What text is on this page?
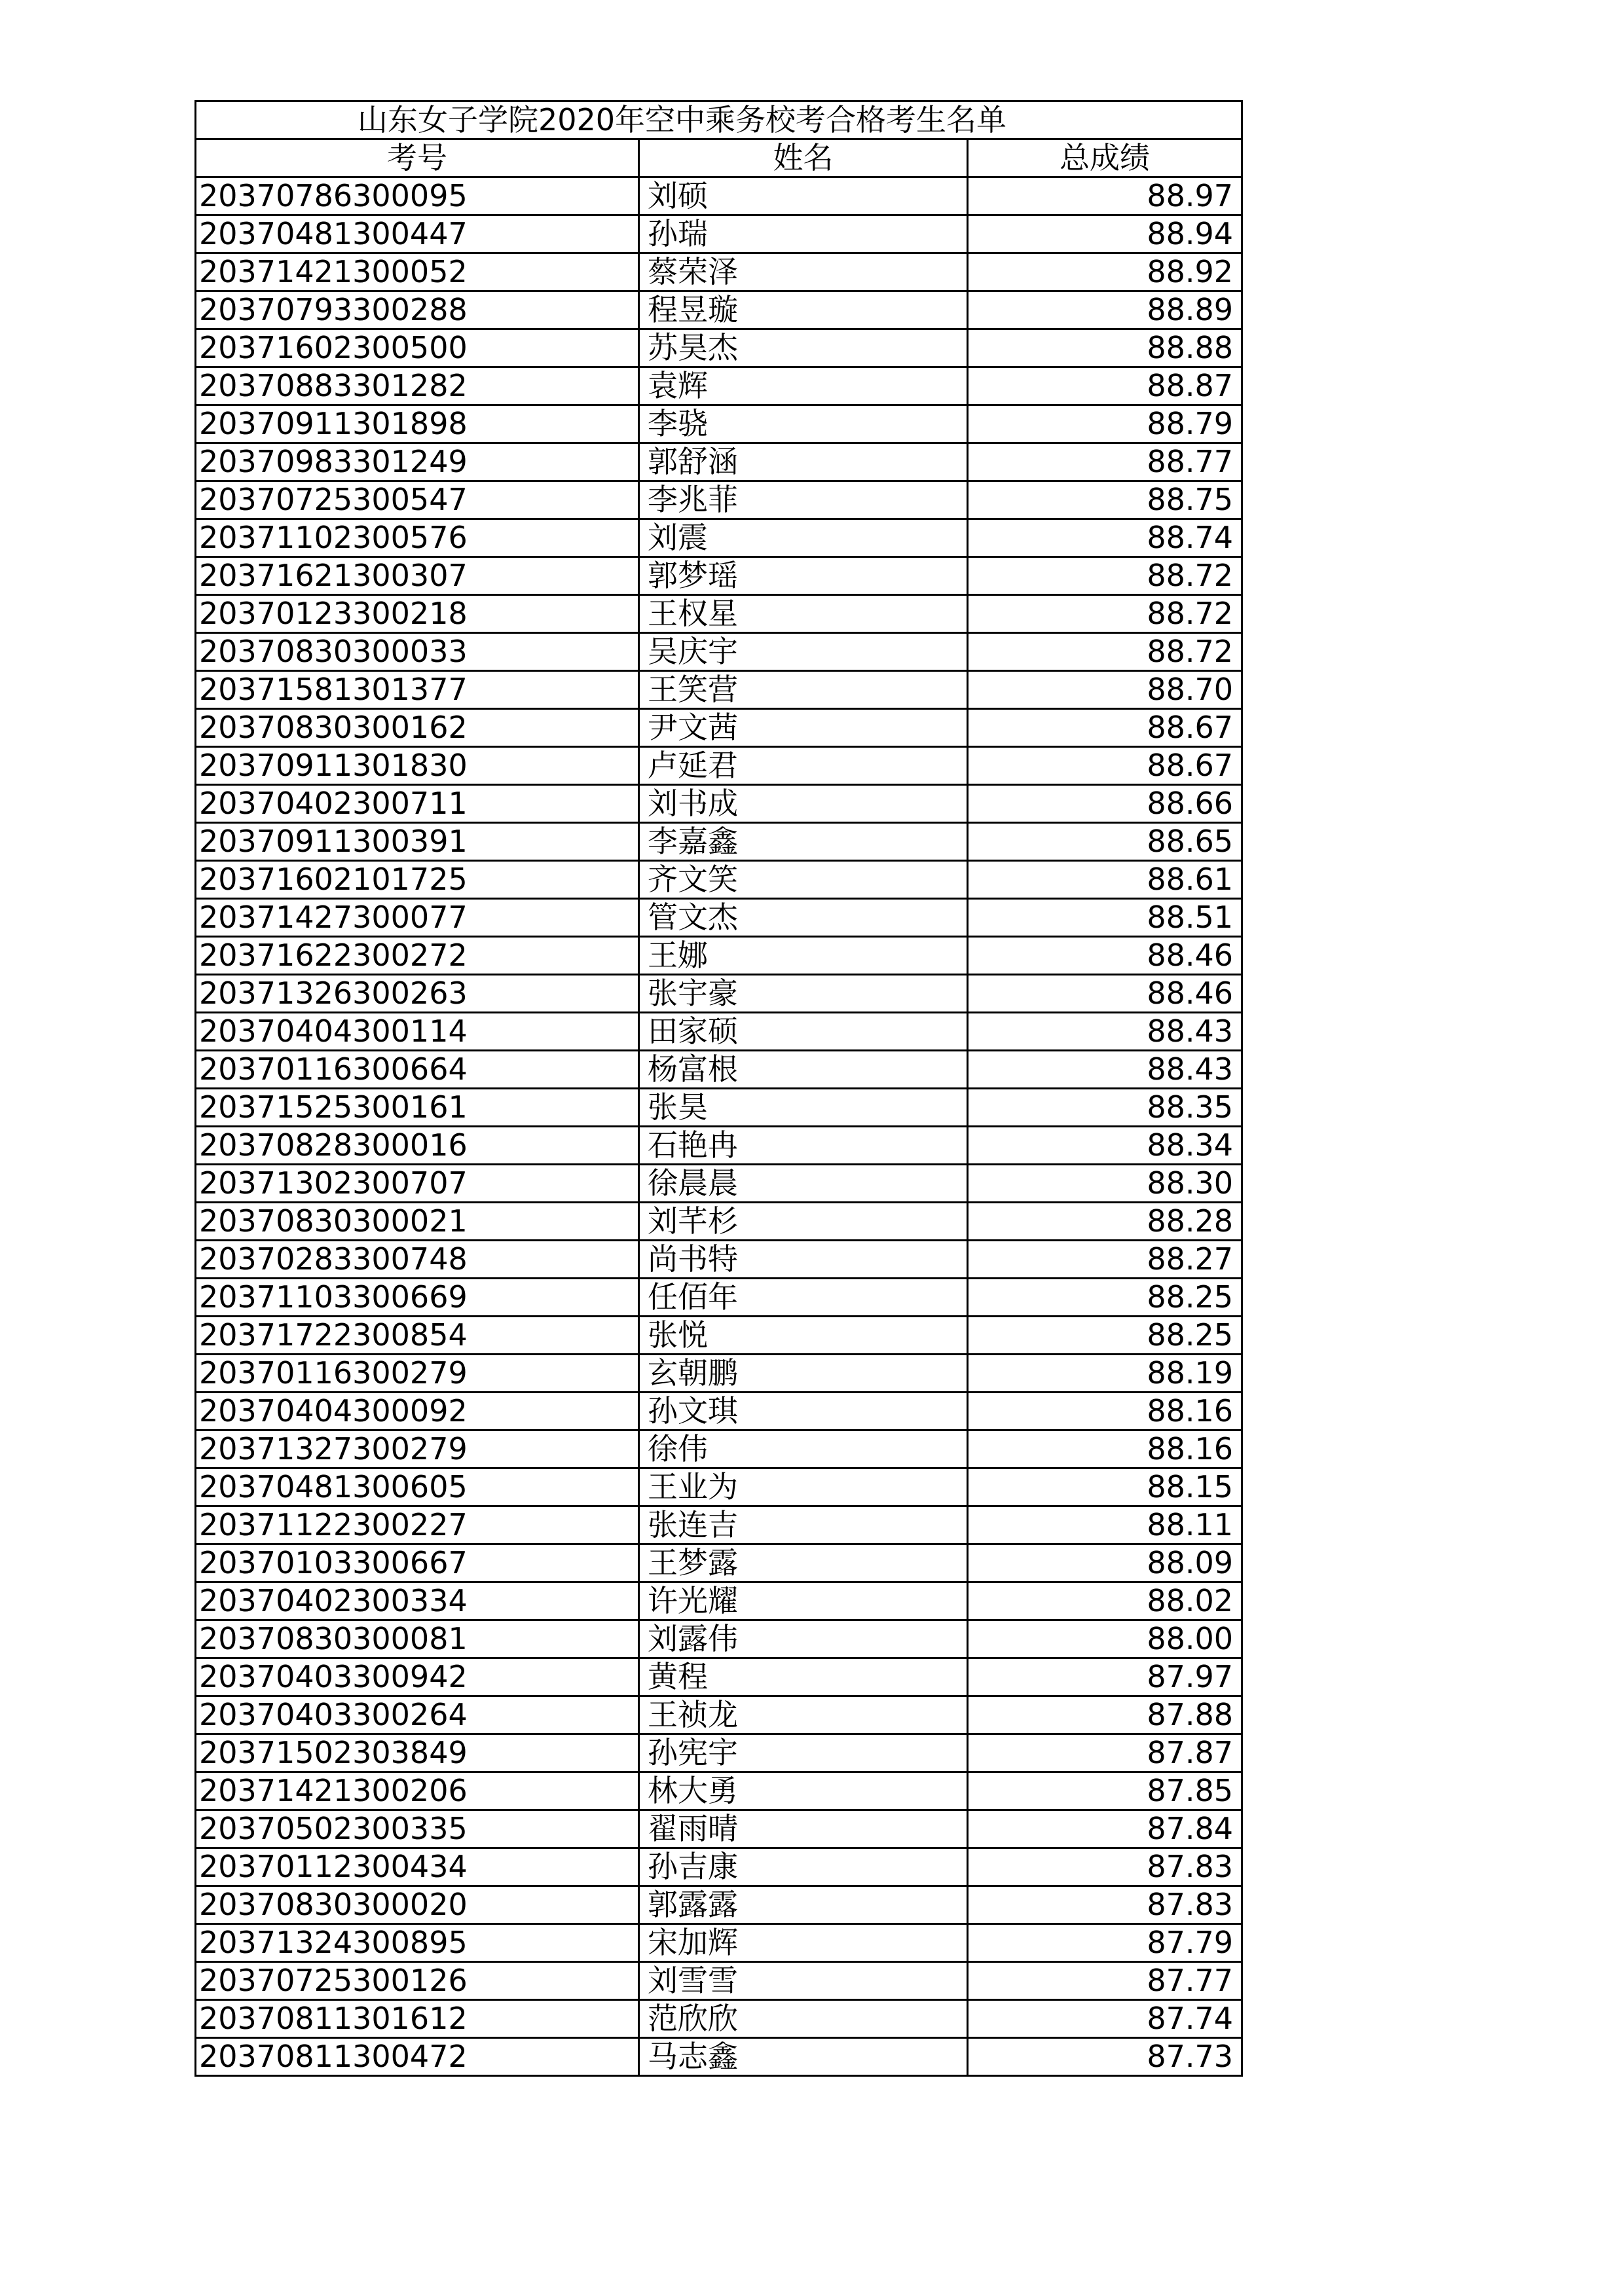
山东女子学院2020年空中乘务校考合格考生名单		
考号	姓名	总成绩
20370786300095	刘硕	88.97
20370481300447	孙瑞	88.94
20371421300052	蔡荣泽	88.92
20370793300288	程昱璇	88.89
20371602300500	苏昊杰	88.88
20370883301282	袁辉	88.87
20370911301898	李骁	88.79
20370983301249	郭舒涵	88.77
20370725300547	李兆菲	88.75
20371102300576	刘震	88.74
20371621300307	郭梦瑶	88.72
20370123300218	王权星	88.72
20370830300033	吴庆宇	88.72
20371581301377	王笑营	88.70
20370830300162	尹文茜	88.67
20370911301830	卢延君	88.67
20370402300711	刘书成	88.66
20370911300391	李嘉鑫	88.65
20371602101725	齐文笑	88.61
20371427300077	管文杰	88.51
20371622300272	王娜	88.46
20371326300263	张宇豪	88.46
20370404300114	田家硕	88.43
20370116300664	杨富根	88.43
20371525300161	张昊	88.35
20370828300016	石艳冉	88.34
20371302300707	徐晨晨	88.30
20370830300021	刘芊杉	88.28
20370283300748	尚书特	88.27
20371103300669	任佰年	88.25
20371722300854	张悦	88.25
20370116300279	玄朝鹏	88.19
20370404300092	孙文琪	88.16
20371327300279	徐伟	88.16
20370481300605	王业为	88.15
20371122300227	张连吉	88.11
20370103300667	王梦露	88.09
20370402300334	许光耀	88.02
20370830300081	刘露伟	88.00
20370403300942	黄程	87.97
20370403300264	王祯龙	87.88
20371502303849	孙宪宇	87.87
20371421300206	林大勇	87.85
20370502300335	翟雨晴	87.84
20370112300434	孙吉康	87.83
20370830300020	郭露露	87.83
20371324300895	宋加辉	87.79
20370725300126	刘雪雪	87.77
20370811301612	范欣欣	87.74
20370811300472	马志鑫	87.73
